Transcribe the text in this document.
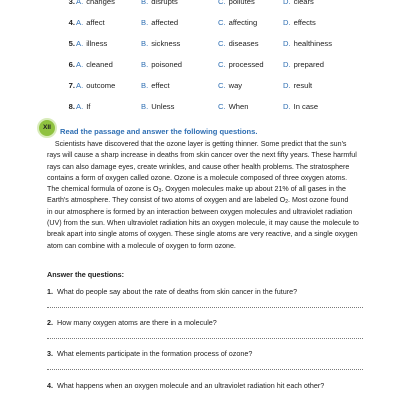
3. A. changes	B. disrupts	C. pollutes	D. clears
4. A. affect	B. affected	C. affecting	D. effects
5. A. illness	B. sickness	C. diseases	D. healthiness
6. A. cleaned	B. poisoned	C. processed	D. prepared
7. A. outcome	B. effect	C. way	D. result
8. A. If	B. Unless	C. When	D. In case
XII	Read the passage and answer the following questions.
Scientists have discovered that the ozone layer is getting thinner. Some predict that the sun's
rays will cause a sharp increase in deaths from skin cancer over the next fifty years. These harmful
rays can also damage eyes, create wrinkles, and cause other health problems. The stratosphere
contains a form of oxygen called ozone. Ozone is a molecule composed of three oxygen atoms.
The chemical formula of ozone is $O_3$. Oxygen molecules make up about 21% of all gases in the
Earth's atmosphere. They consist of two atoms of oxygen and are labeled $O_2$. Most ozone found
in our atmosphere is formed by an interaction between oxygen molecules and ultraviolet radiation
(UV) from the sun. When ultraviolet radiation hits an oxygen molecule, it may cause the molecule to
break apart into single atoms of oxygen. These single atoms are very reactive, and a single oxygen
atom can combine with a molecule of oxygen to form ozone.
Answer the questions:
1. What do people say about the rate of deaths from skin cancer in the future?
2. How many oxygen atoms are there in a molecule?
3. What elements participate in the formation process of ozone?
4. What happens when an oxygen molecule and an ultraviolet radiation hit each other?
